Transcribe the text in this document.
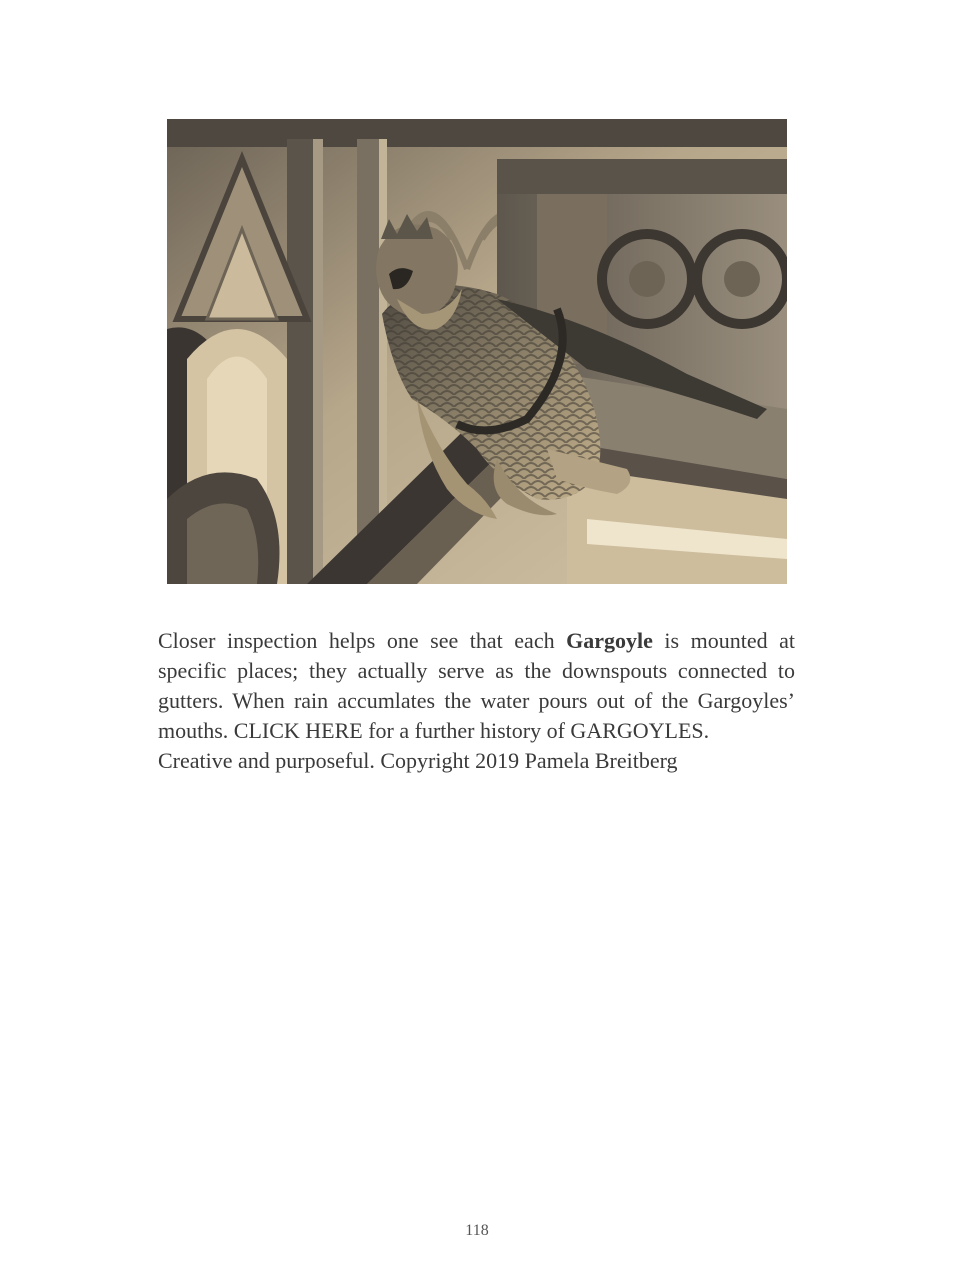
Closer inspection helps one see that each Gargoyle is mounted at specific places; they actually serve as the downspouts connected to gutters. When rain accumlates the water pours out of the Gargoyles’ mouths. CLICK HERE for a further history of GARGOYLES.
Creative and purposeful. Copyright 2019 Pamela Breitberg

118
